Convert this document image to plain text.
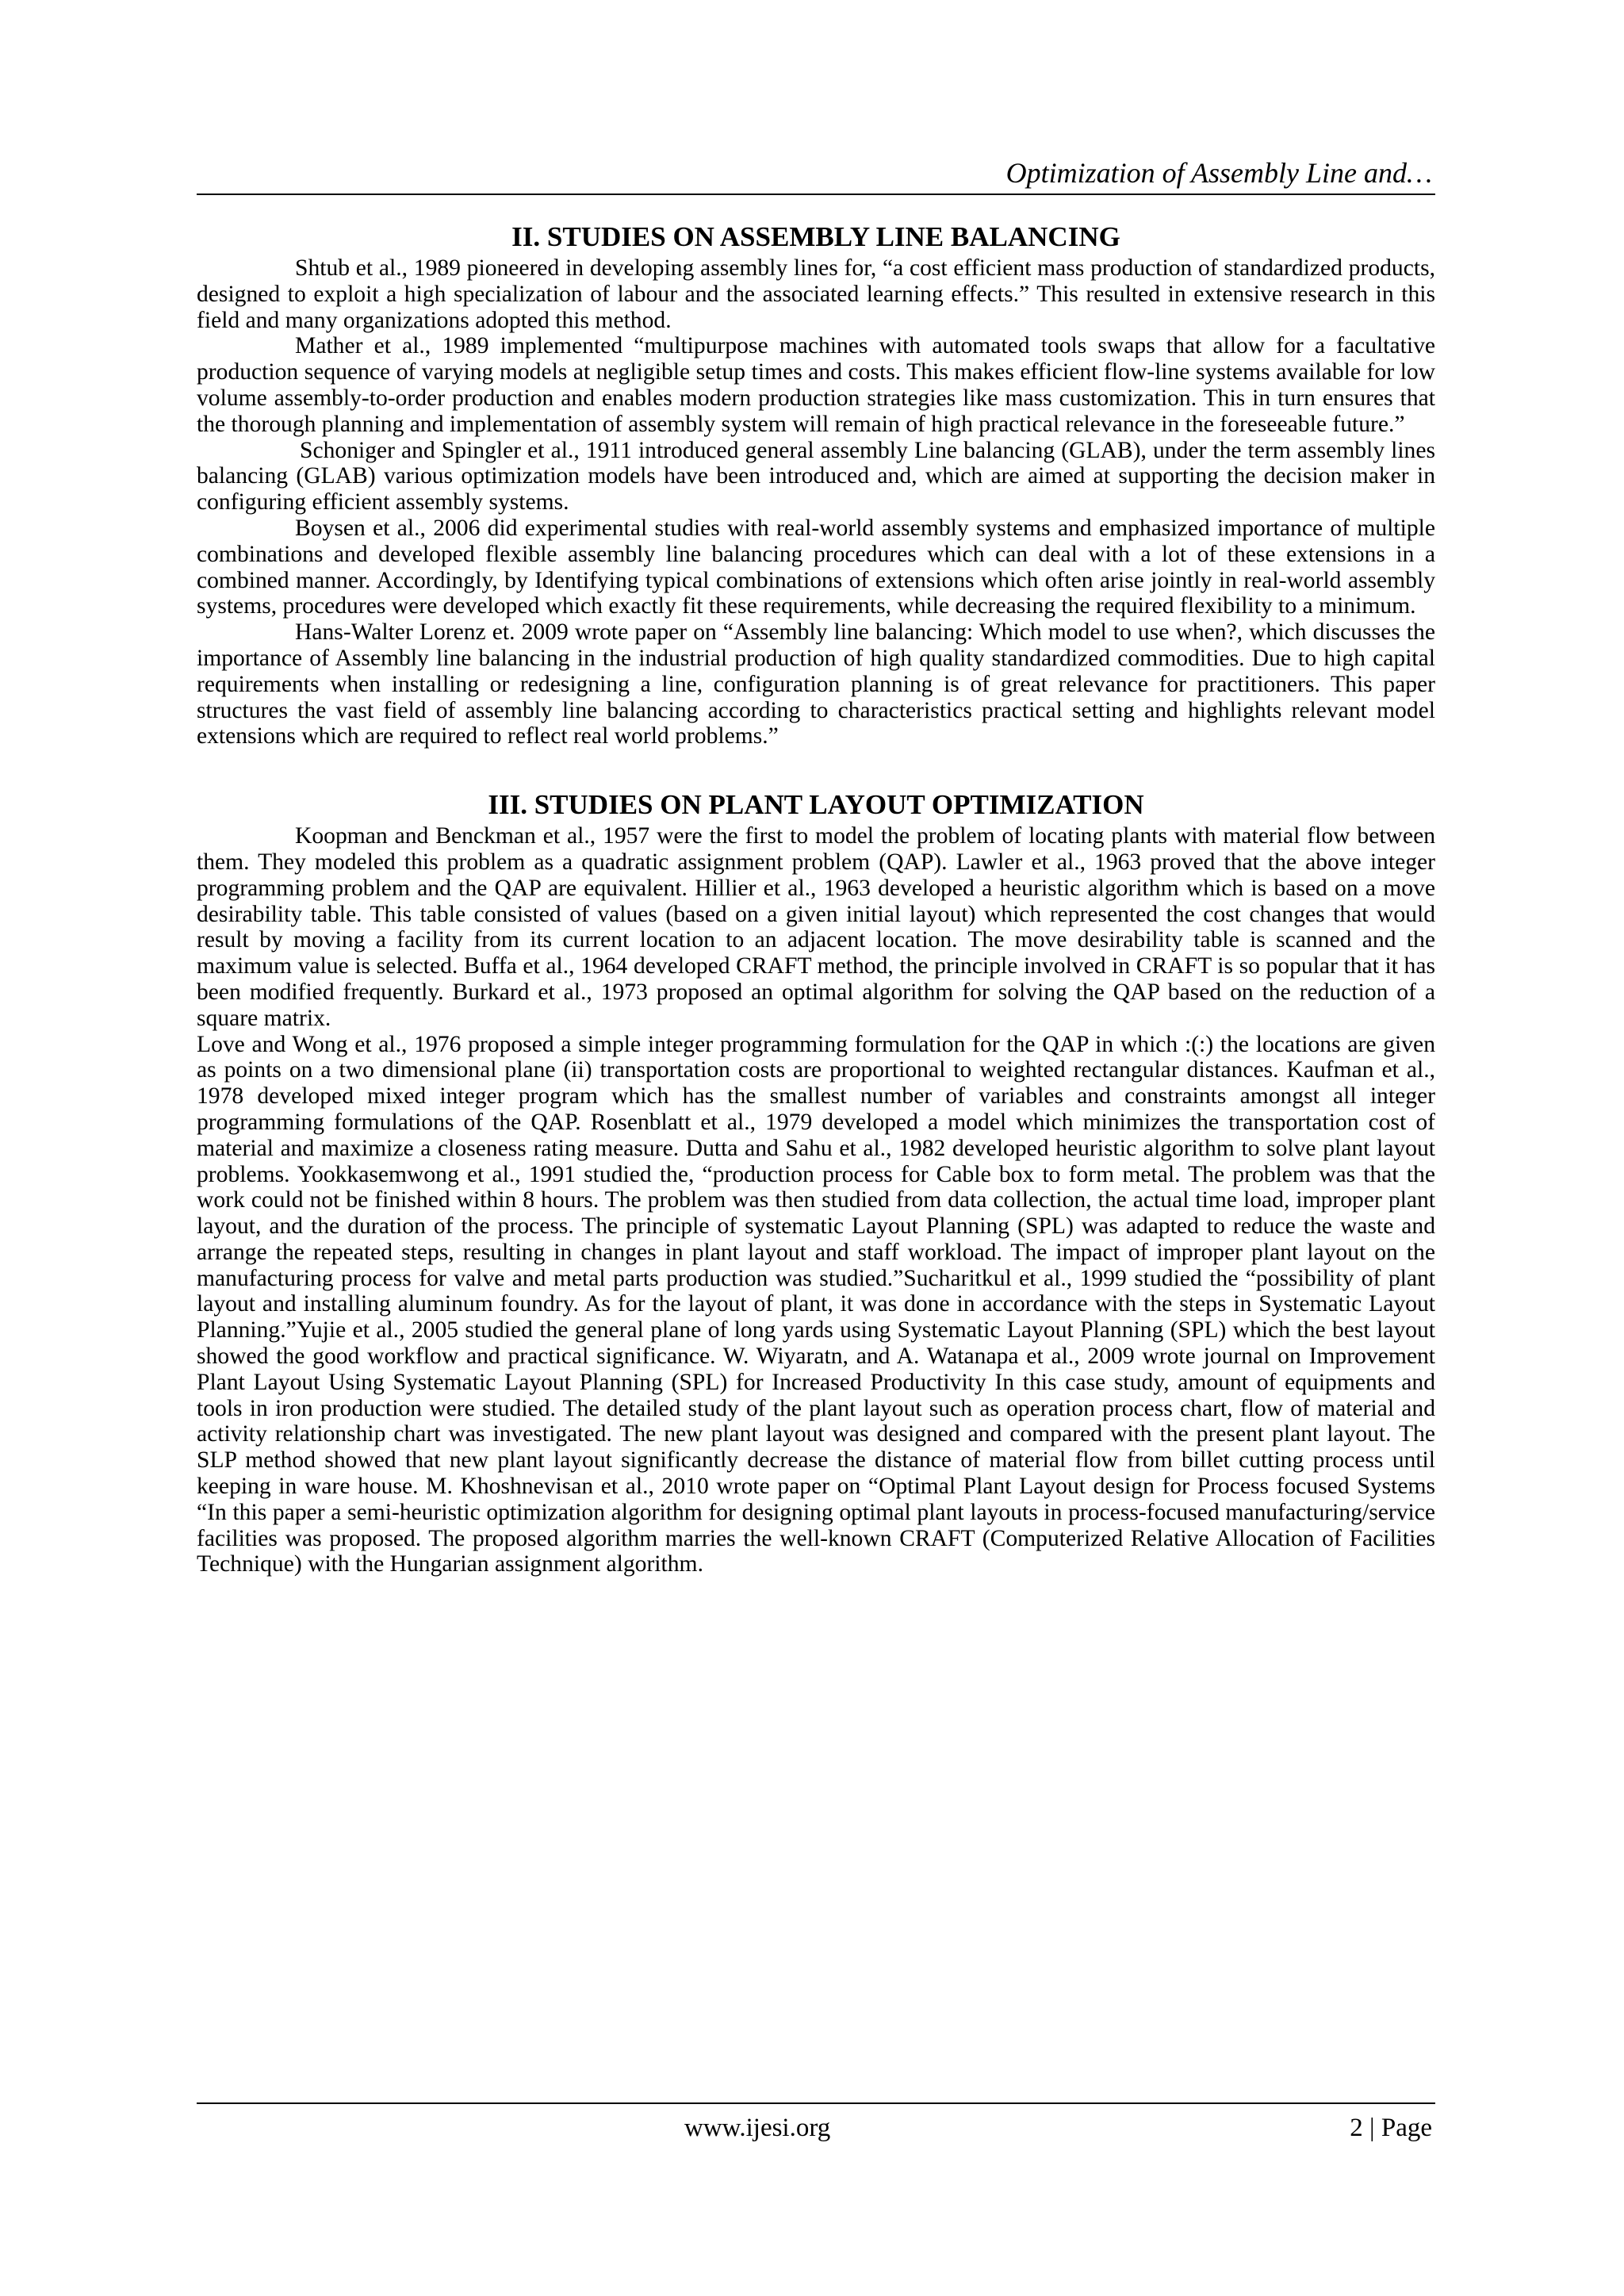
Optimization of Assembly Line and…
II. STUDIES ON ASSEMBLY LINE BALANCING

Shtub et al., 1989 pioneered in developing assembly lines for, “a cost efficient mass production of standardized products, designed to exploit a high specialization of labour and the associated learning effects.” This resulted in extensive research in this field and many organizations adopted this method.

Mather et al., 1989 implemented “multipurpose machines with automated tools swaps that allow for a facultative production sequence of varying models at negligible setup times and costs. This makes efficient flow-line systems available for low volume assembly-to-order production and enables modern production strategies like mass customization. This in turn ensures that the thorough planning and implementation of assembly system will remain of high practical relevance in the foreseeable future.”

Schoniger and Spingler et al., 1911 introduced general assembly Line balancing (GLAB), under the term assembly lines balancing (GLAB) various optimization models have been introduced and, which are aimed at supporting the decision maker in configuring efficient assembly systems.

Boysen et al., 2006 did experimental studies with real-world assembly systems and emphasized importance of multiple combinations and developed flexible assembly line balancing procedures which can deal with a lot of these extensions in a combined manner. Accordingly, by Identifying typical combinations of extensions which often arise jointly in real-world assembly systems, procedures were developed which exactly fit these requirements, while decreasing the required flexibility to a minimum.

Hans-Walter Lorenz et. 2009 wrote paper on “Assembly line balancing: Which model to use when?, which discusses the importance of Assembly line balancing in the industrial production of high quality standardized commodities. Due to high capital requirements when installing or redesigning a line, configuration planning is of great relevance for practitioners. This paper structures the vast field of assembly line balancing according to characteristics practical setting and highlights relevant model extensions which are required to reflect real world problems.”

III. STUDIES ON PLANT LAYOUT OPTIMIZATION

Koopman and Benckman et al., 1957 were the first to model the problem of locating plants with material flow between them. They modeled this problem as a quadratic assignment problem (QAP). Lawler et al., 1963 proved that the above integer programming problem and the QAP are equivalent. Hillier et al., 1963 developed a heuristic algorithm which is based on a move desirability table. This table consisted of values (based on a given initial layout) which represented the cost changes that would result by moving a facility from its current location to an adjacent location. The move desirability table is scanned and the maximum value is selected. Buffa et al., 1964 developed CRAFT method, the principle involved in CRAFT is so popular that it has been modified frequently. Burkard et al., 1973 proposed an optimal algorithm for solving the QAP based on the reduction of a square matrix.

Love and Wong et al., 1976 proposed a simple integer programming formulation for the QAP in which :(:) the locations are given as points on a two dimensional plane (ii) transportation costs are proportional to weighted rectangular distances. Kaufman et al., 1978 developed mixed integer program which has the smallest number of variables and constraints amongst all integer programming formulations of the QAP. Rosenblatt et al., 1979 developed a model which minimizes the transportation cost of material and maximize a closeness rating measure. Dutta and Sahu et al., 1982 developed heuristic algorithm to solve plant layout problems. Yookkasemwong et al., 1991 studied the, “production process for Cable box to form metal. The problem was that the work could not be finished within 8 hours. The problem was then studied from data collection, the actual time load, improper plant layout, and the duration of the process. The principle of systematic Layout Planning (SPL) was adapted to reduce the waste and arrange the repeated steps, resulting in changes in plant layout and staff workload. The impact of improper plant layout on the manufacturing process for valve and metal parts production was studied.”Sucharitkul et al., 1999 studied the “possibility of plant layout and installing aluminum foundry. As for the layout of plant, it was done in accordance with the steps in Systematic Layout Planning.”Yujie et al., 2005 studied the general plane of long yards using Systematic Layout Planning (SPL) which the best layout showed the good workflow and practical significance. W. Wiyaratn, and A. Watanapa et al., 2009 wrote journal on Improvement Plant Layout Using Systematic Layout Planning (SPL) for Increased Productivity In this case study, amount of equipments and tools in iron production were studied. The detailed study of the plant layout such as operation process chart, flow of material and activity relationship chart was investigated. The new plant layout was designed and compared with the present plant layout. The SLP method showed that new plant layout significantly decrease the distance of material flow from billet cutting process until keeping in ware house. M. Khoshnevisan et al., 2010 wrote paper on “Optimal Plant Layout design for Process focused Systems “In this paper a semi-heuristic optimization algorithm for designing optimal plant layouts in process-focused manufacturing/service facilities was proposed. The proposed algorithm marries the well-known CRAFT (Computerized Relative Allocation of Facilities Technique) with the Hungarian assignment algorithm.

www.ijesi.org	2 | Page
